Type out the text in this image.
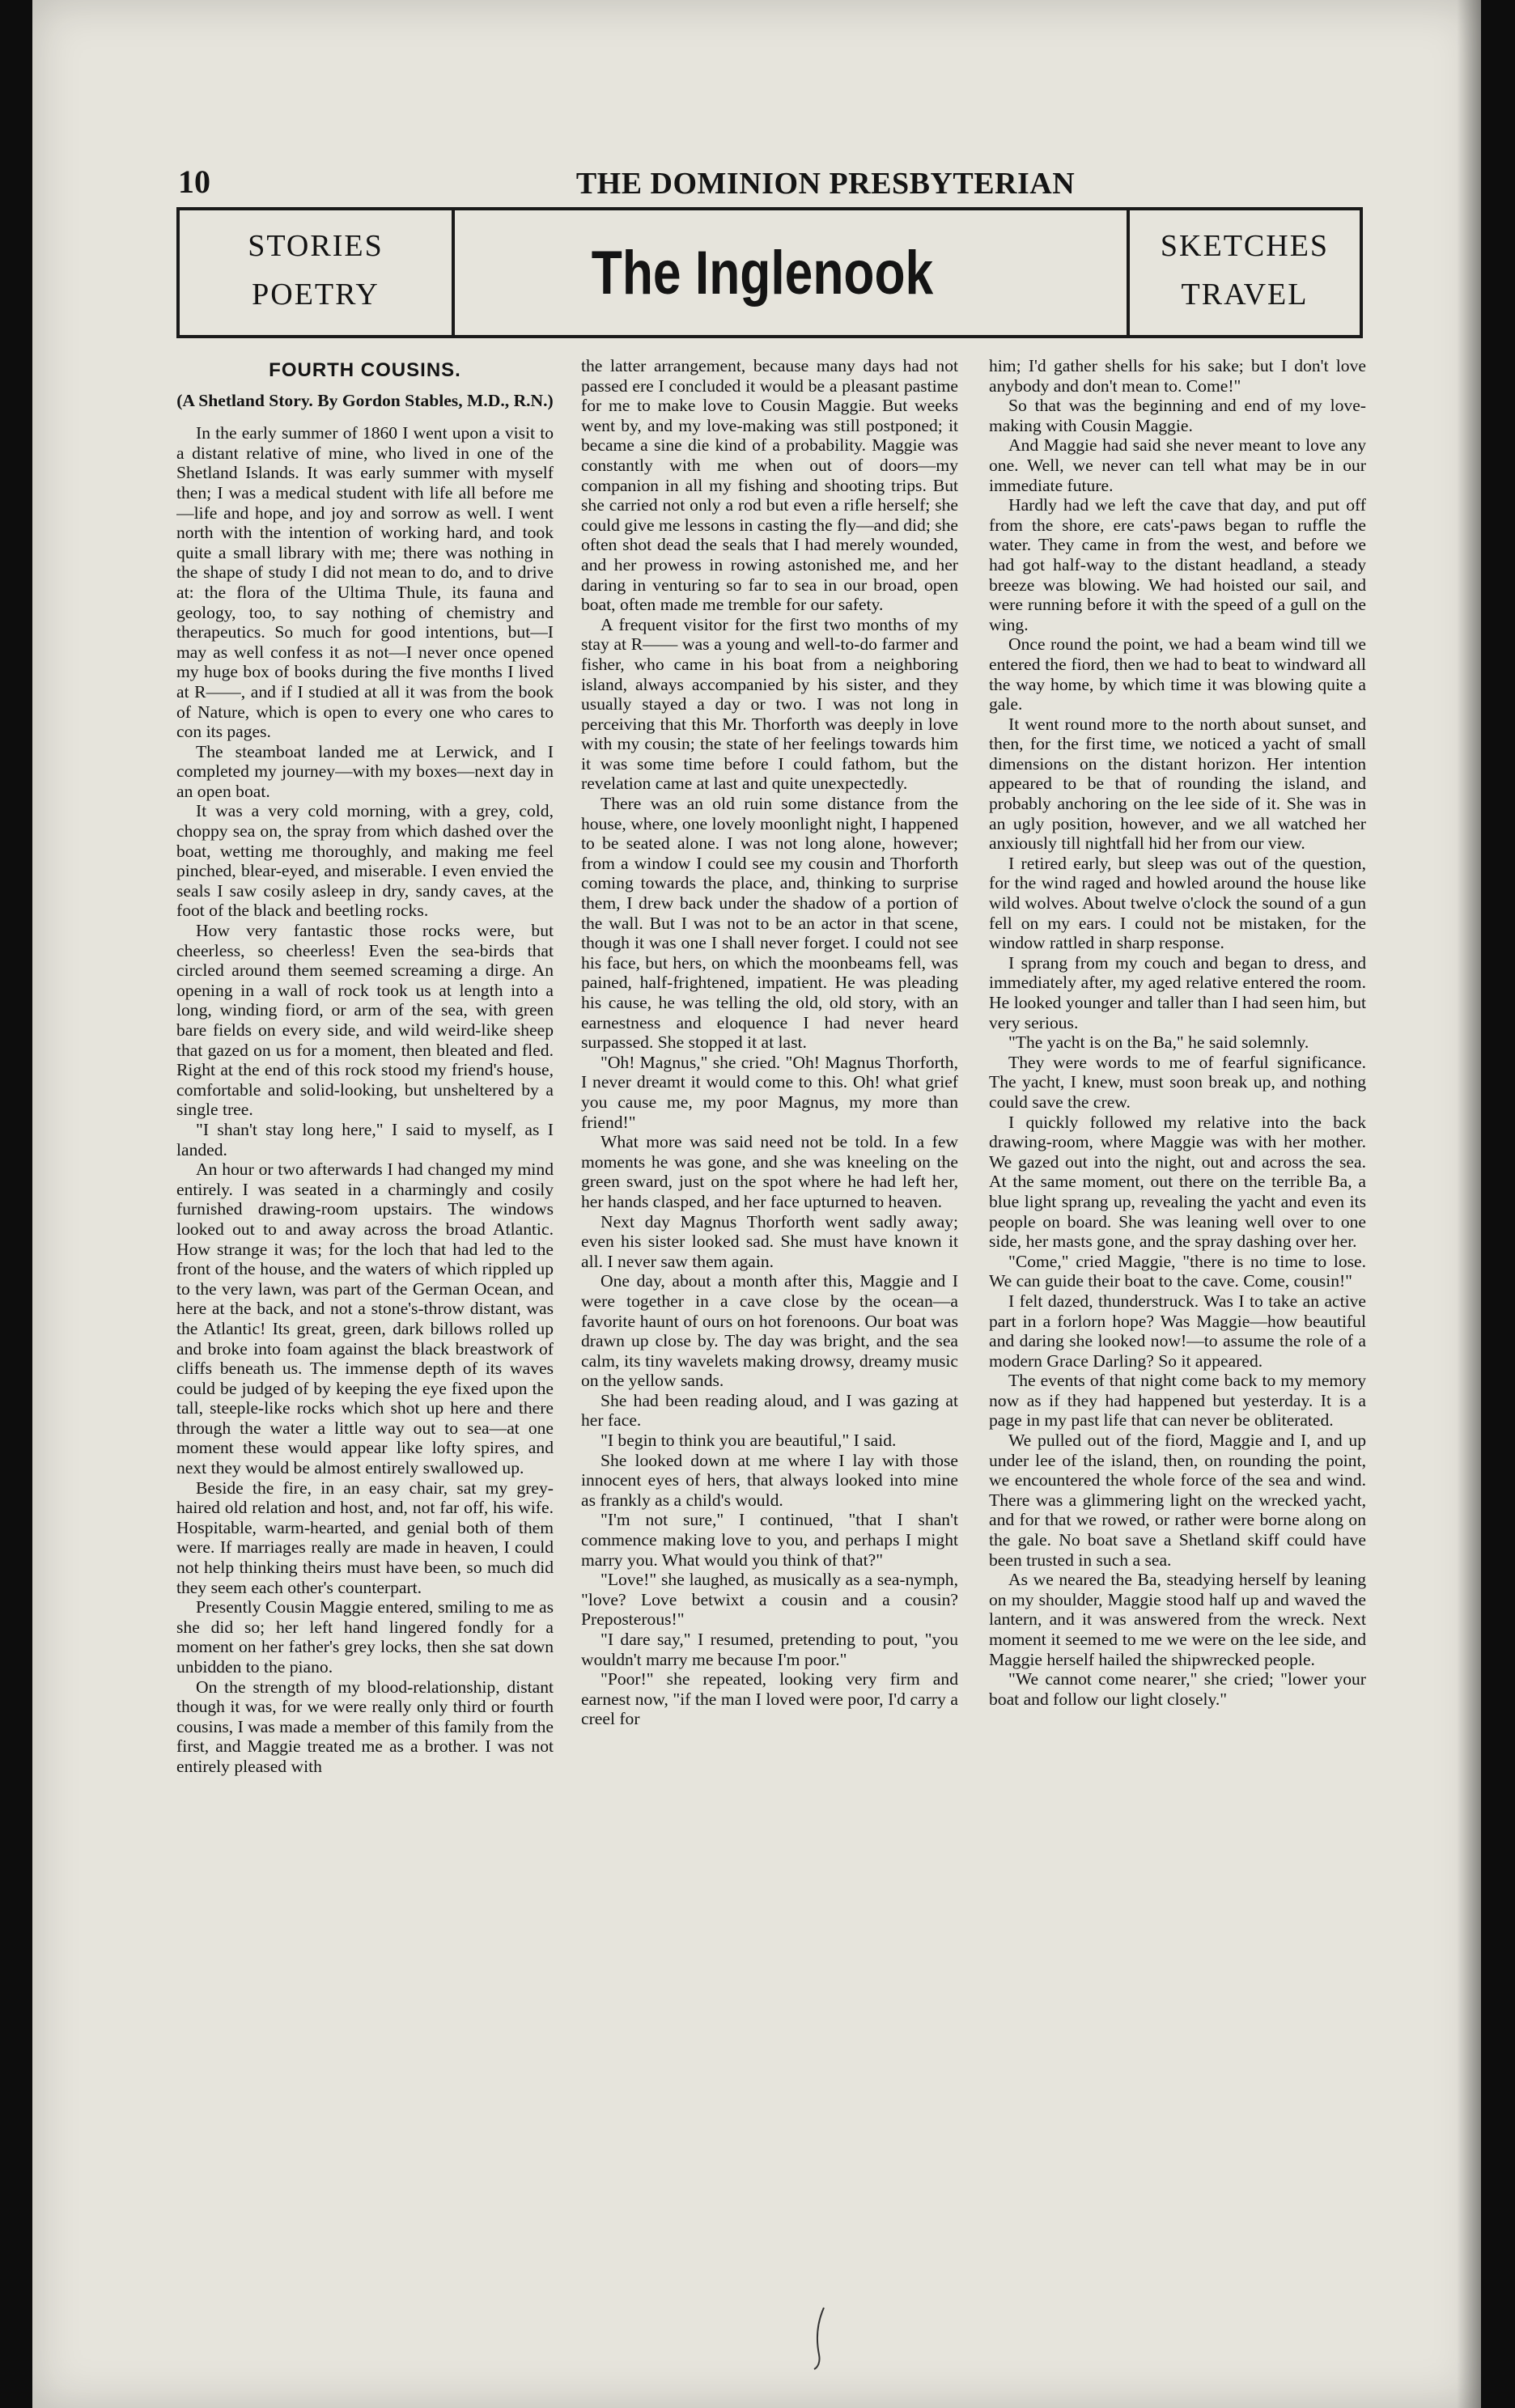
10	THE DOMINION PRESBYTERIAN
STORIES
POETRY	The Inglenook	SKETCHES
TRAVEL
FOURTH COUSINS.
(A Shetland Story. By Gordon Stables, M.D., R.N.)

In the early summer of 1860 I went upon a visit to a distant relative of mine, who lived in one of the Shetland Islands. It was early summer with myself then; I was a medical student with life all before me—life and hope, and joy and sorrow as well. I went north with the intention of working hard, and took quite a small library with me; there was nothing in the shape of study I did not mean to do, and to drive at: the flora of the Ultima Thule, its fauna and geology, too, to say nothing of chemistry and therapeutics. So much for good intentions, but—I may as well confess it as not—I never once opened my huge box of books during the five months I lived at R——, and if I studied at all it was from the book of Nature, which is open to every one who cares to con its pages.

The steamboat landed me at Lerwick, and I completed my journey—with my boxes—next day in an open boat.

It was a very cold morning, with a grey, cold, choppy sea on, the spray from which dashed over the boat, wetting me thoroughly, and making me feel pinched, blear-eyed, and miserable. I even envied the seals I saw cosily asleep in dry, sandy caves, at the foot of the black and beetling rocks.

How very fantastic those rocks were, but cheerless, so cheerless! Even the sea-birds that circled around them seemed screaming a dirge. An opening in a wall of rock took us at length into a long, winding fiord, or arm of the sea, with green bare fields on every side, and wild weird-like sheep that gazed on us for a moment, then bleated and fled. Right at the end of this rock stood my friend's house, comfortable and solid-looking, but unsheltered by a single tree.

"I shan't stay long here," I said to myself, as I landed.

An hour or two afterwards I had changed my mind entirely. I was seated in a charmingly and cosily furnished drawing-room upstairs. The windows looked out to and away across the broad Atlantic. How strange it was; for the loch that had led to the front of the house, and the waters of which rippled up to the very lawn, was part of the German Ocean, and here at the back, and not a stone's-throw distant, was the Atlantic! Its great, green, dark billows rolled up and broke into foam against the black breastwork of cliffs beneath us. The immense depth of its waves could be judged of by keeping the eye fixed upon the tall, steeple-like rocks which shot up here and there through the water a little way out to sea—at one moment these would appear like lofty spires, and next they would be almost entirely swallowed up.

Beside the fire, in an easy chair, sat my grey-haired old relation and host, and, not far off, his wife. Hospitable, warm-hearted, and genial both of them were. If marriages really are made in heaven, I could not help thinking theirs must have been, so much did they seem each other's counterpart.

Presently Cousin Maggie entered, smiling to me as she did so; her left hand lingered fondly for a moment on her father's grey locks, then she sat down unbidden to the piano.

On the strength of my blood-relationship, distant though it was, for we were really only third or fourth cousins, I was made a member of this family from the first, and Maggie treated me as a brother. I was not entirely pleased with

the latter arrangement, because many days had not passed ere I concluded it would be a pleasant pastime for me to make love to Cousin Maggie. But weeks went by, and my love-making was still postponed; it became a sine die kind of a probability. Maggie was constantly with me when out of doors—my companion in all my fishing and shooting trips. But she carried not only a rod but even a rifle herself; she could give me lessons in casting the fly—and did; she often shot dead the seals that I had merely wounded, and her prowess in rowing astonished me, and her daring in venturing so far to sea in our broad, open boat, often made me tremble for our safety.

A frequent visitor for the first two months of my stay at R—— was a young and well-to-do farmer and fisher, who came in his boat from a neighboring island, always accompanied by his sister, and they usually stayed a day or two. I was not long in perceiving that this Mr. Thorforth was deeply in love with my cousin; the state of her feelings towards him it was some time before I could fathom, but the revelation came at last and quite unexpectedly.

There was an old ruin some distance from the house, where, one lovely moonlight night, I happened to be seated alone. I was not long alone, however; from a window I could see my cousin and Thorforth coming towards the place, and, thinking to surprise them, I drew back under the shadow of a portion of the wall. But I was not to be an actor in that scene, though it was one I shall never forget. I could not see his face, but hers, on which the moonbeams fell, was pained, half-frightened, impatient. He was pleading his cause, he was telling the old, old story, with an earnestness and eloquence I had never heard surpassed. She stopped it at last.

"Oh! Magnus," she cried. "Oh! Magnus Thorforth, I never dreamt it would come to this. Oh! what grief you cause me, my poor Magnus, my more than friend!"

What more was said need not be told. In a few moments he was gone, and she was kneeling on the green sward, just on the spot where he had left her, her hands clasped, and her face upturned to heaven.

Next day Magnus Thorforth went sadly away; even his sister looked sad. She must have known it all. I never saw them again.

One day, about a month after this, Maggie and I were together in a cave close by the ocean—a favorite haunt of ours on hot forenoons. Our boat was drawn up close by. The day was bright, and the sea calm, its tiny wavelets making drowsy, dreamy music on the yellow sands.

She had been reading aloud, and I was gazing at her face.

"I begin to think you are beautiful," I said.

She looked down at me where I lay with those innocent eyes of hers, that always looked into mine as frankly as a child's would.

"I'm not sure," I continued, "that I shan't commence making love to you, and perhaps I might marry you. What would you think of that?"

"Love!" she laughed, as musically as a sea-nymph, "love? Love betwixt a cousin and a cousin? Preposterous!"

"I dare say," I resumed, pretending to pout, "you wouldn't marry me because I'm poor."

"Poor!" she repeated, looking very firm and earnest now, "if the man I loved were poor, I'd carry a creel for

him; I'd gather shells for his sake; but I don't love anybody and don't mean to. Come!"

So that was the beginning and end of my love-making with Cousin Maggie.

And Maggie had said she never meant to love any one. Well, we never can tell what may be in our immediate future.

Hardly had we left the cave that day, and put off from the shore, ere cats'-paws began to ruffle the water. They came in from the west, and before we had got half-way to the distant headland, a steady breeze was blowing. We had hoisted our sail, and were running before it with the speed of a gull on the wing.

Once round the point, we had a beam wind till we entered the fiord, then we had to beat to windward all the way home, by which time it was blowing quite a gale.

It went round more to the north about sunset, and then, for the first time, we noticed a yacht of small dimensions on the distant horizon. Her intention appeared to be that of rounding the island, and probably anchoring on the lee side of it. She was in an ugly position, however, and we all watched her anxiously till nightfall hid her from our view.

I retired early, but sleep was out of the question, for the wind raged and howled around the house like wild wolves. About twelve o'clock the sound of a gun fell on my ears. I could not be mistaken, for the window rattled in sharp response.

I sprang from my couch and began to dress, and immediately after, my aged relative entered the room. He looked younger and taller than I had seen him, but very serious.

"The yacht is on the Ba," he said solemnly.

They were words to me of fearful significance. The yacht, I knew, must soon break up, and nothing could save the crew.

I quickly followed my relative into the back drawing-room, where Maggie was with her mother. We gazed out into the night, out and across the sea. At the same moment, out there on the terrible Ba, a blue light sprang up, revealing the yacht and even its people on board. She was leaning well over to one side, her masts gone, and the spray dashing over her.

"Come," cried Maggie, "there is no time to lose. We can guide their boat to the cave. Come, cousin!"

I felt dazed, thunderstruck. Was I to take an active part in a forlorn hope? Was Maggie—how beautiful and daring she looked now!—to assume the role of a modern Grace Darling? So it appeared.

The events of that night come back to my memory now as if they had happened but yesterday. It is a page in my past life that can never be obliterated.

We pulled out of the fiord, Maggie and I, and up under lee of the island, then, on rounding the point, we encountered the whole force of the sea and wind. There was a glimmering light on the wrecked yacht, and for that we rowed, or rather were borne along on the gale. No boat save a Shetland skiff could have been trusted in such a sea.

As we neared the Ba, steadying herself by leaning on my shoulder, Maggie stood half up and waved the lantern, and it was answered from the wreck. Next moment it seemed to me we were on the lee side, and Maggie herself hailed the shipwrecked people.

"We cannot come nearer," she cried; "lower your boat and follow our light closely."
